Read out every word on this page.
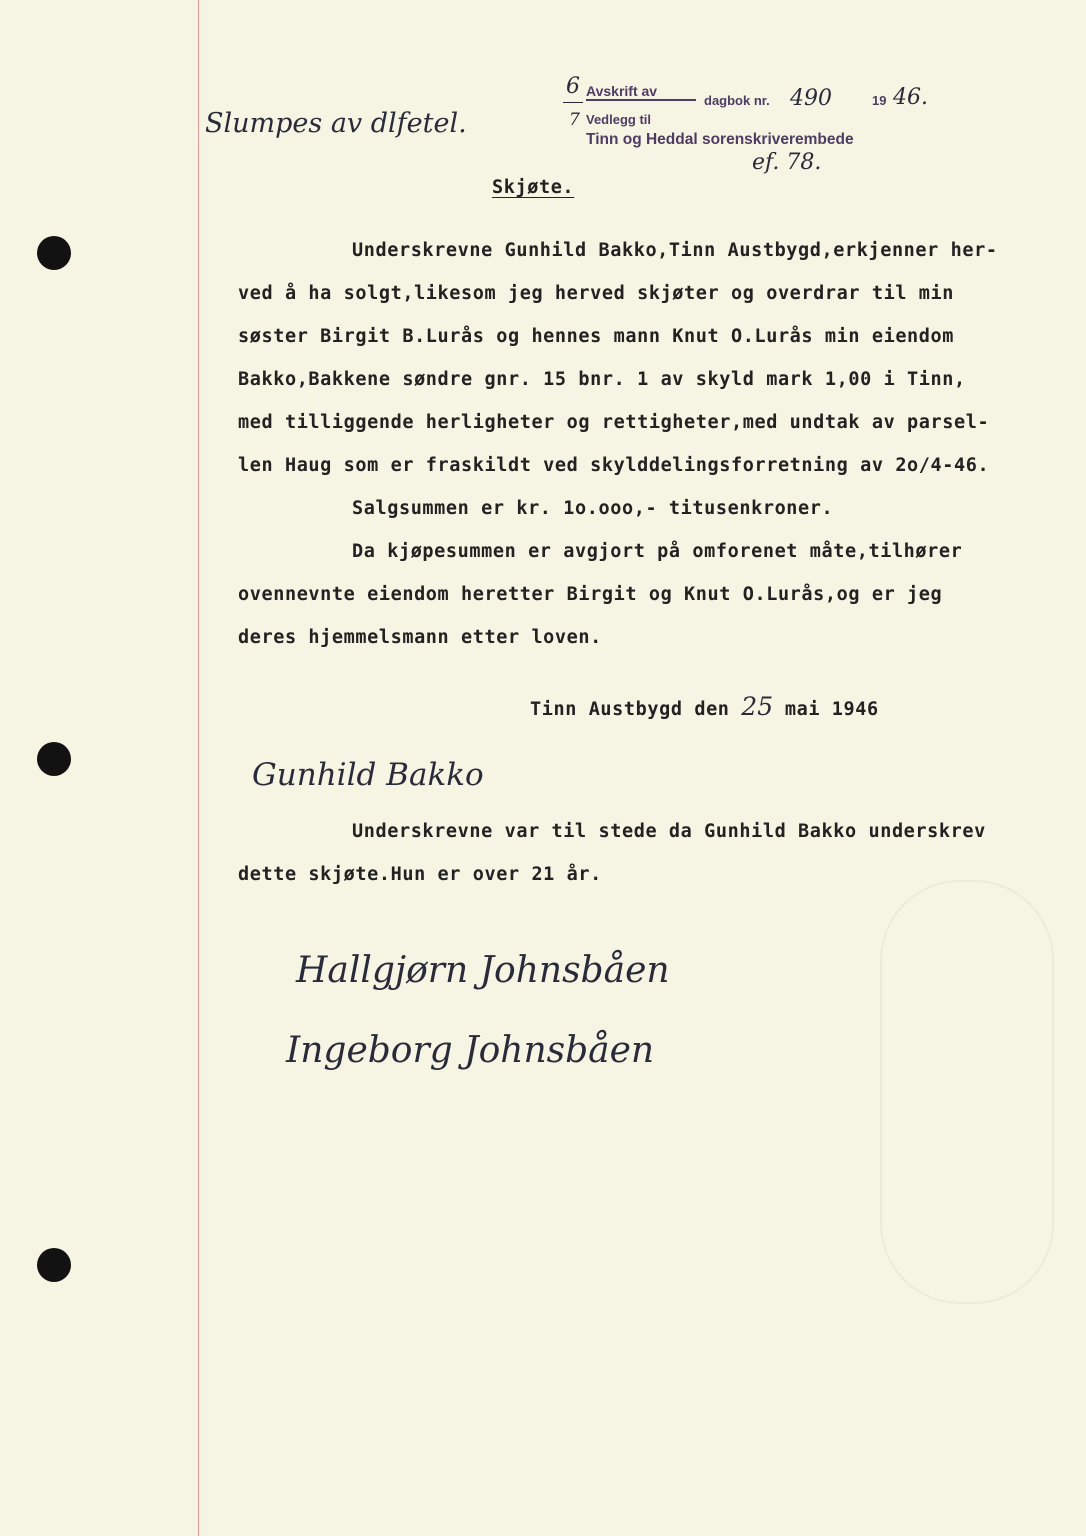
Slumpes av dlfetel.
6
7
Avskrift av
dagbok nr. 490	19 46.
Vedlegg til
Tinn og Heddal sorenskriverembede
ef. 78.
Skjøte.
Underskrevne Gunhild Bakko,Tinn Austbygd,erkjenner her-
ved å ha solgt,likesom jeg herved skjøter og overdrar til min
søster Birgit B.Lurås og hennes mann Knut O.Lurås min eiendom
Bakko,Bakkene søndre gnr. 15 bnr. 1 av skyld mark 1,00 i Tinn,
med tilliggende herligheter og rettigheter,med undtak av parsel-
len Haug som er fraskildt ved skylddelingsforretning av 2o/4-46.
Salgsummen er kr. 1o.ooo,- titusenkroner.
Da kjøpesummen er avgjort på omforenet måte,tilhører
ovennevnte eiendom heretter Birgit og Knut O.Lurås,og er jeg
deres hjemmelsmann etter loven.
Tinn Austbygd den 25 mai 1946
Gunhild Bakko
Underskrevne var til stede da Gunhild Bakko underskrev
dette skjøte.Hun er over 21 år.
Hallgjørn Johnsbåen
Ingeborg Johnsbåen
